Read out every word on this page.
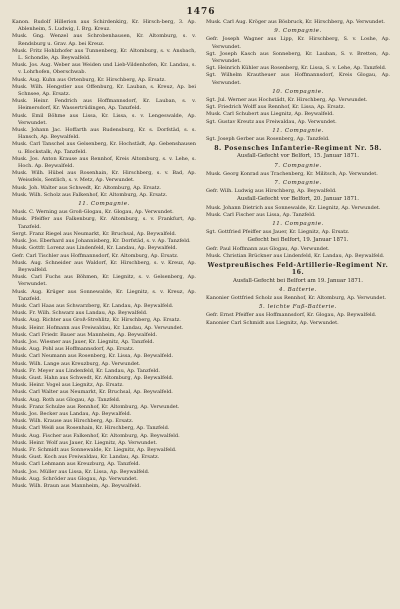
1476

Kanon. Rudolf Hillerion aus Schirdenkirg, Kr. Hirsch-berg, 3. Ap. Ablenheim, 5. Ludwig, I. Brg. Kreuz.

Musk. Gng. Wenzel aus Schrobenhausen, Kr. Altomburg, s. v. Rendsburg u. Grav. Ap. bei Kreuz.

Musk. Fritz Hohlzhofer aus Tunnenberg, Kr. Altomburg, s. v. Ansbach, L. Schondle, Ap. Beywalfeld.

Musk. Jos. Aug. Weber aus Weiden und Lieb-Vildenhofen, Kr. Landau, s. v. Lohrhofen, Oberschwab.

Musk. Aug. Kuhn aus Ortenburg, Kr. Hirschberg, Ap. Ersatz.

Musk. Wilh. Hengstler aus Offenburg, Kr. Lauban, s. Kreuz, Ap. bei Schnsee, Ap. Ersatz.

Musk. Heinr. Fendrich aus Hoffmannsdorf, Kr. Lauban, s. v. Heimersdorf, Kr. Wassertrüdingen, Ap. Tanzfeld.

Musk. Emil Böhme aus Lissa, Kr. Lissa, s. v. Lengeswalde, Ap. Verwundet.

Musk. Johann Jac. Hoffarth aus Rudensburg, Kr. s. Dorfstäd, s. s. Hansch, Ap. Beywalfeld.

Musk. Carl Tanschel aus Gelsenberg, Kr. Hochstädt, Ap. Gebenshausen u. Blockstalk, Ap. Tanzfeld.

Musk. Jos. Anton Krause aus Rennhof, Kreis Altomburg, s. v. Lehe, s. Hoch. Ap. Beywalfeld.

Musk. Wilh. Hübel aus Rosenhain, Kr. Hirschberg, s. v. Bad, Ap. Weissfels, Sentlich, s. v. Metz, Ap. Verwundet.

Musk. Joh. Walter aus Schwedt, Kr. Altomburg, Ap. Ersatz.

Musk. Wilh. Scholz aus Falkenhof, Kr. Altomburg, Ap. Ersatz.

11. Compagnie.

Musk. C. Werning aus Groß-Glogau, Kr. Glogau, Ap. Verwundet.

Musk. Pfeiffer aus Falkenburg, Kr. Altomburg, s. v. Frankfurt, Ap. Tanzfeld.

Sergt. Franz Riegel aus Neumarkt, Kr. Bruchsal, Ap. Beywalfeld.

Musk. Jos. Eberhard aus Johannisberg, Kr. Dorfstäd, s. v. Ap. Tanzfeld.

Musk. Gottfr. Lorenz aus Lindenfeld, Kr. Landau, Ap. Beywalfeld.

Gefr. Carl Tischler aus Hoffmannsdorf, Kr. Altomburg, Ap. Ersatz.

Musk. Aug. Schneider aus Waldorf, Kr. Hirschberg, s. v. Kreuz, Ap. Beywalfeld.

Musk. Carl Fuchs aus Böhmen, Kr. Liegnitz, s. v. Gelsenberg, Ap. Verwundet.

Musk. Aug. Krüger aus Sonnewalde, Kr. Liegnitz, s. v. Kreuz, Ap. Tanzfeld.

Musk. Carl Haas aus Schwarzberg, Kr. Landau, Ap. Beywalfeld.

Musk. Fr. Wilh. Schwarz aus Landau, Ap. Beywalfeld.

Musk. Aug. Richter aus Groß-Strehlitz, Kr. Hirschberg, Ap. Ersatz.

Musk. Heinr. Hofmann aus Freiwaldau, Kr. Landau, Ap. Verwundet.

Musk. Carl Friedr. Bauer aus Mannheim, Ap. Beywalfeld.

Musk. Jos. Wiesner aus Jauer, Kr. Liegnitz, Ap. Tanzfeld.

Musk. Aug. Pohl aus Hoffmannsdorf, Ap. Ersatz.

Musk. Carl Neumann aus Rosenberg, Kr. Lissa, Ap. Beywalfeld.

Musk. Wilh. Lange aus Kreuzburg, Ap. Verwundet.

Musk. Fr. Meyer aus Lindenfeld, Kr. Landau, Ap. Tanzfeld.

Musk. Gust. Hahn aus Schwedt, Kr. Altomburg, Ap. Beywalfeld.

Musk. Heinr. Vogel aus Liegnitz, Ap. Ersatz.

Musk. Carl Walter aus Neumarkt, Kr. Bruchsal, Ap. Beywalfeld.

Musk. Aug. Roth aus Glogau, Ap. Tanzfeld.

Musk. Franz Schulze aus Rennhof, Kr. Altomburg, Ap. Verwundet.

Musk. Jos. Becker aus Landau, Ap. Beywalfeld.

Musk. Wilh. Krause aus Hirschberg, Ap. Ersatz.

Musk. Carl Weiß aus Rosenhain, Kr. Hirschberg, Ap. Tanzfeld.

Musk. Aug. Fischer aus Falkenhof, Kr. Altomburg, Ap. Beywalfeld.

Musk. Heinr. Wolf aus Jauer, Kr. Liegnitz, Ap. Verwundet.

Musk. Fr. Schmidt aus Sonnewalde, Kr. Liegnitz, Ap. Beywalfeld.

Musk. Gust. Koch aus Freiwaldau, Kr. Landau, Ap. Ersatz.

Musk. Carl Lehmann aus Kreuzburg, Ap. Tanzfeld.

Musk. Jos. Müller aus Lissa, Kr. Lissa, Ap. Beywalfeld.

Musk. Aug. Schröder aus Glogau, Ap. Verwundet.

Musk. Wilh. Braun aus Mannheim, Ap. Beywalfeld.

Musk. Carl Aug. Kröger aus Bösbruck, Kr. Hirschberg, Ap. Verwundet.

9. Compagnie.

Gefr. Joseph Wagner aus Lipp, Kr. Hirschberg, S. v. Loshe, Ap. Verwundet.

Sgt. Joseph Kasch aus Sonneberg, Kr. Lauban, S. v. Bretten, Ap. Verwundet.

Sgt. Heinrich Kühler aus Rosenberg, Kr. Lissa, S. v. Lehe, Ap. Tanzfeld.

Sgt. Wilhelm Krautheuer aus Hoffmannsdorf, Kreis Glogau, Ap. Verwundet.

10. Compagnie.

Sgt. Jul. Werner aus Hochstädt, Kr. Hirschberg, Ap. Verwundet.

Sgt. Friedrich Wolff aus Rennhof, Kr. Lissa, Ap. Ersatz.

Musk. Carl Schubert aus Liegnitz, Ap. Beywalfeld.

Sgt. Gustav Kreutz aus Freiwaldau, Ap. Verwundet.

11. Compagnie.

Sgt. Joseph Gerber aus Rosenberg, Ap. Tanzfeld.

8. Posensches Infanterie-Regiment Nr. 58.

Ausfall-Gefecht vor Belfort, 15. Januar 1871.

7. Compagnie.

Musk. Georg Konrad aus Trachenberg, Kr. Militsch, Ap. Verwundet.

7. Compagnie.

Gefr. Wilh. Ludwig aus Hirschberg, Ap. Beywalfeld.

Ausfall-Gefecht vor Belfort, 20. Januar 1871.

Musk. Johann Dietrich aus Sonnewalde, Kr. Liegnitz, Ap. Verwundet.

Musk. Carl Fischer aus Lissa, Ap. Tanzfeld.

11. Compagnie.

Sgt. Gottfried Pfeiffer aus Jauer, Kr. Liegnitz, Ap. Ersatz.

Gefecht bei Belfort, 19. Januar 1871.

Gefr. Paul Hoffmann aus Glogau, Ap. Verwundet.

Musk. Christian Brückner aus Lindenfeld, Kr. Landau, Ap. Beywalfeld.

Westpreußisches Feld-Artillerie-Regiment Nr. 16.

Ausfall-Gefecht bei Belfort am 19. Januar 1871.

4. Batterie.

Kanonier Gottfried Scholz aus Rennhof, Kr. Altomburg, Ap. Verwundet.

5. leichte Fuß-Batterie.

Gefr. Ernst Pfeiffer aus Hoffmannsdorf, Kr. Glogau, Ap. Beywalfeld.

Kanonier Carl Schmidt aus Liegnitz, Ap. Verwundet.
